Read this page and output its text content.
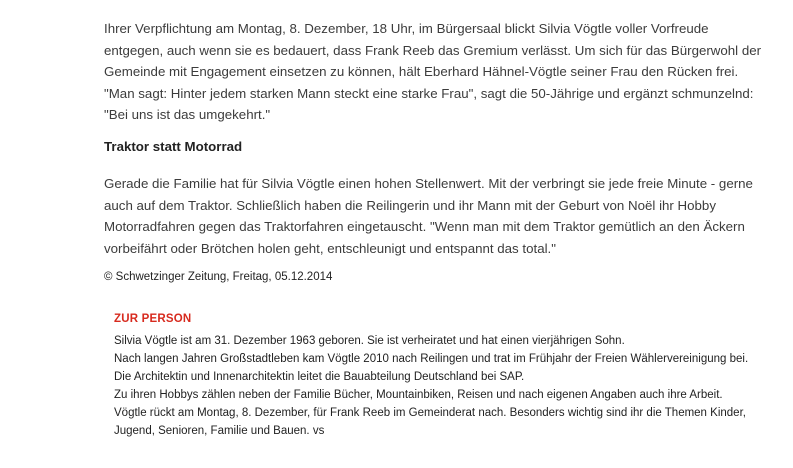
Ihrer Verpflichtung am Montag, 8. Dezember, 18 Uhr, im Bürgersaal blickt Silvia Vögtle voller Vorfreude entgegen, auch wenn sie es bedauert, dass Frank Reeb das Gremium verlässt. Um sich für das Bürgerwohl der Gemeinde mit Engagement einsetzen zu können, hält Eberhard Hähnel-Vögtle seiner Frau den Rücken frei. "Man sagt: Hinter jedem starken Mann steckt eine starke Frau", sagt die 50-Jährige und ergänzt schmunzelnd: "Bei uns ist das umgekehrt."

Traktor statt Motorrad

Gerade die Familie hat für Silvia Vögtle einen hohen Stellenwert. Mit der verbringt sie jede freie Minute - gerne auch auf dem Traktor. Schließlich haben die Reilingerin und ihr Mann mit der Geburt von Noël ihr Hobby Motorradfahren gegen das Traktorfahren eingetauscht. "Wenn man mit dem Traktor gemütlich an den Äckern vorbeifährt oder Brötchen holen geht, entschleunigt und entspannt das total."

© Schwetzinger Zeitung, Freitag, 05.12.2014

ZUR PERSON

Silvia Vögtle ist am 31. Dezember 1963 geboren. Sie ist verheiratet und hat einen vierjährigen Sohn.

Nach langen Jahren Großstadtleben kam Vögtle 2010 nach Reilingen und trat im Frühjahr der Freien Wählervereinigung bei.

Die Architektin und Innenarchitektin leitet die Bauabteilung Deutschland bei SAP.

Zu ihren Hobbys zählen neben der Familie Bücher, Mountainbiken, Reisen und nach eigenen Angaben auch ihre Arbeit.

Vögtle rückt am Montag, 8. Dezember, für Frank Reeb im Gemeinderat nach. Besonders wichtig sind ihr die Themen Kinder,

Jugend, Senioren, Familie und Bauen. vs
